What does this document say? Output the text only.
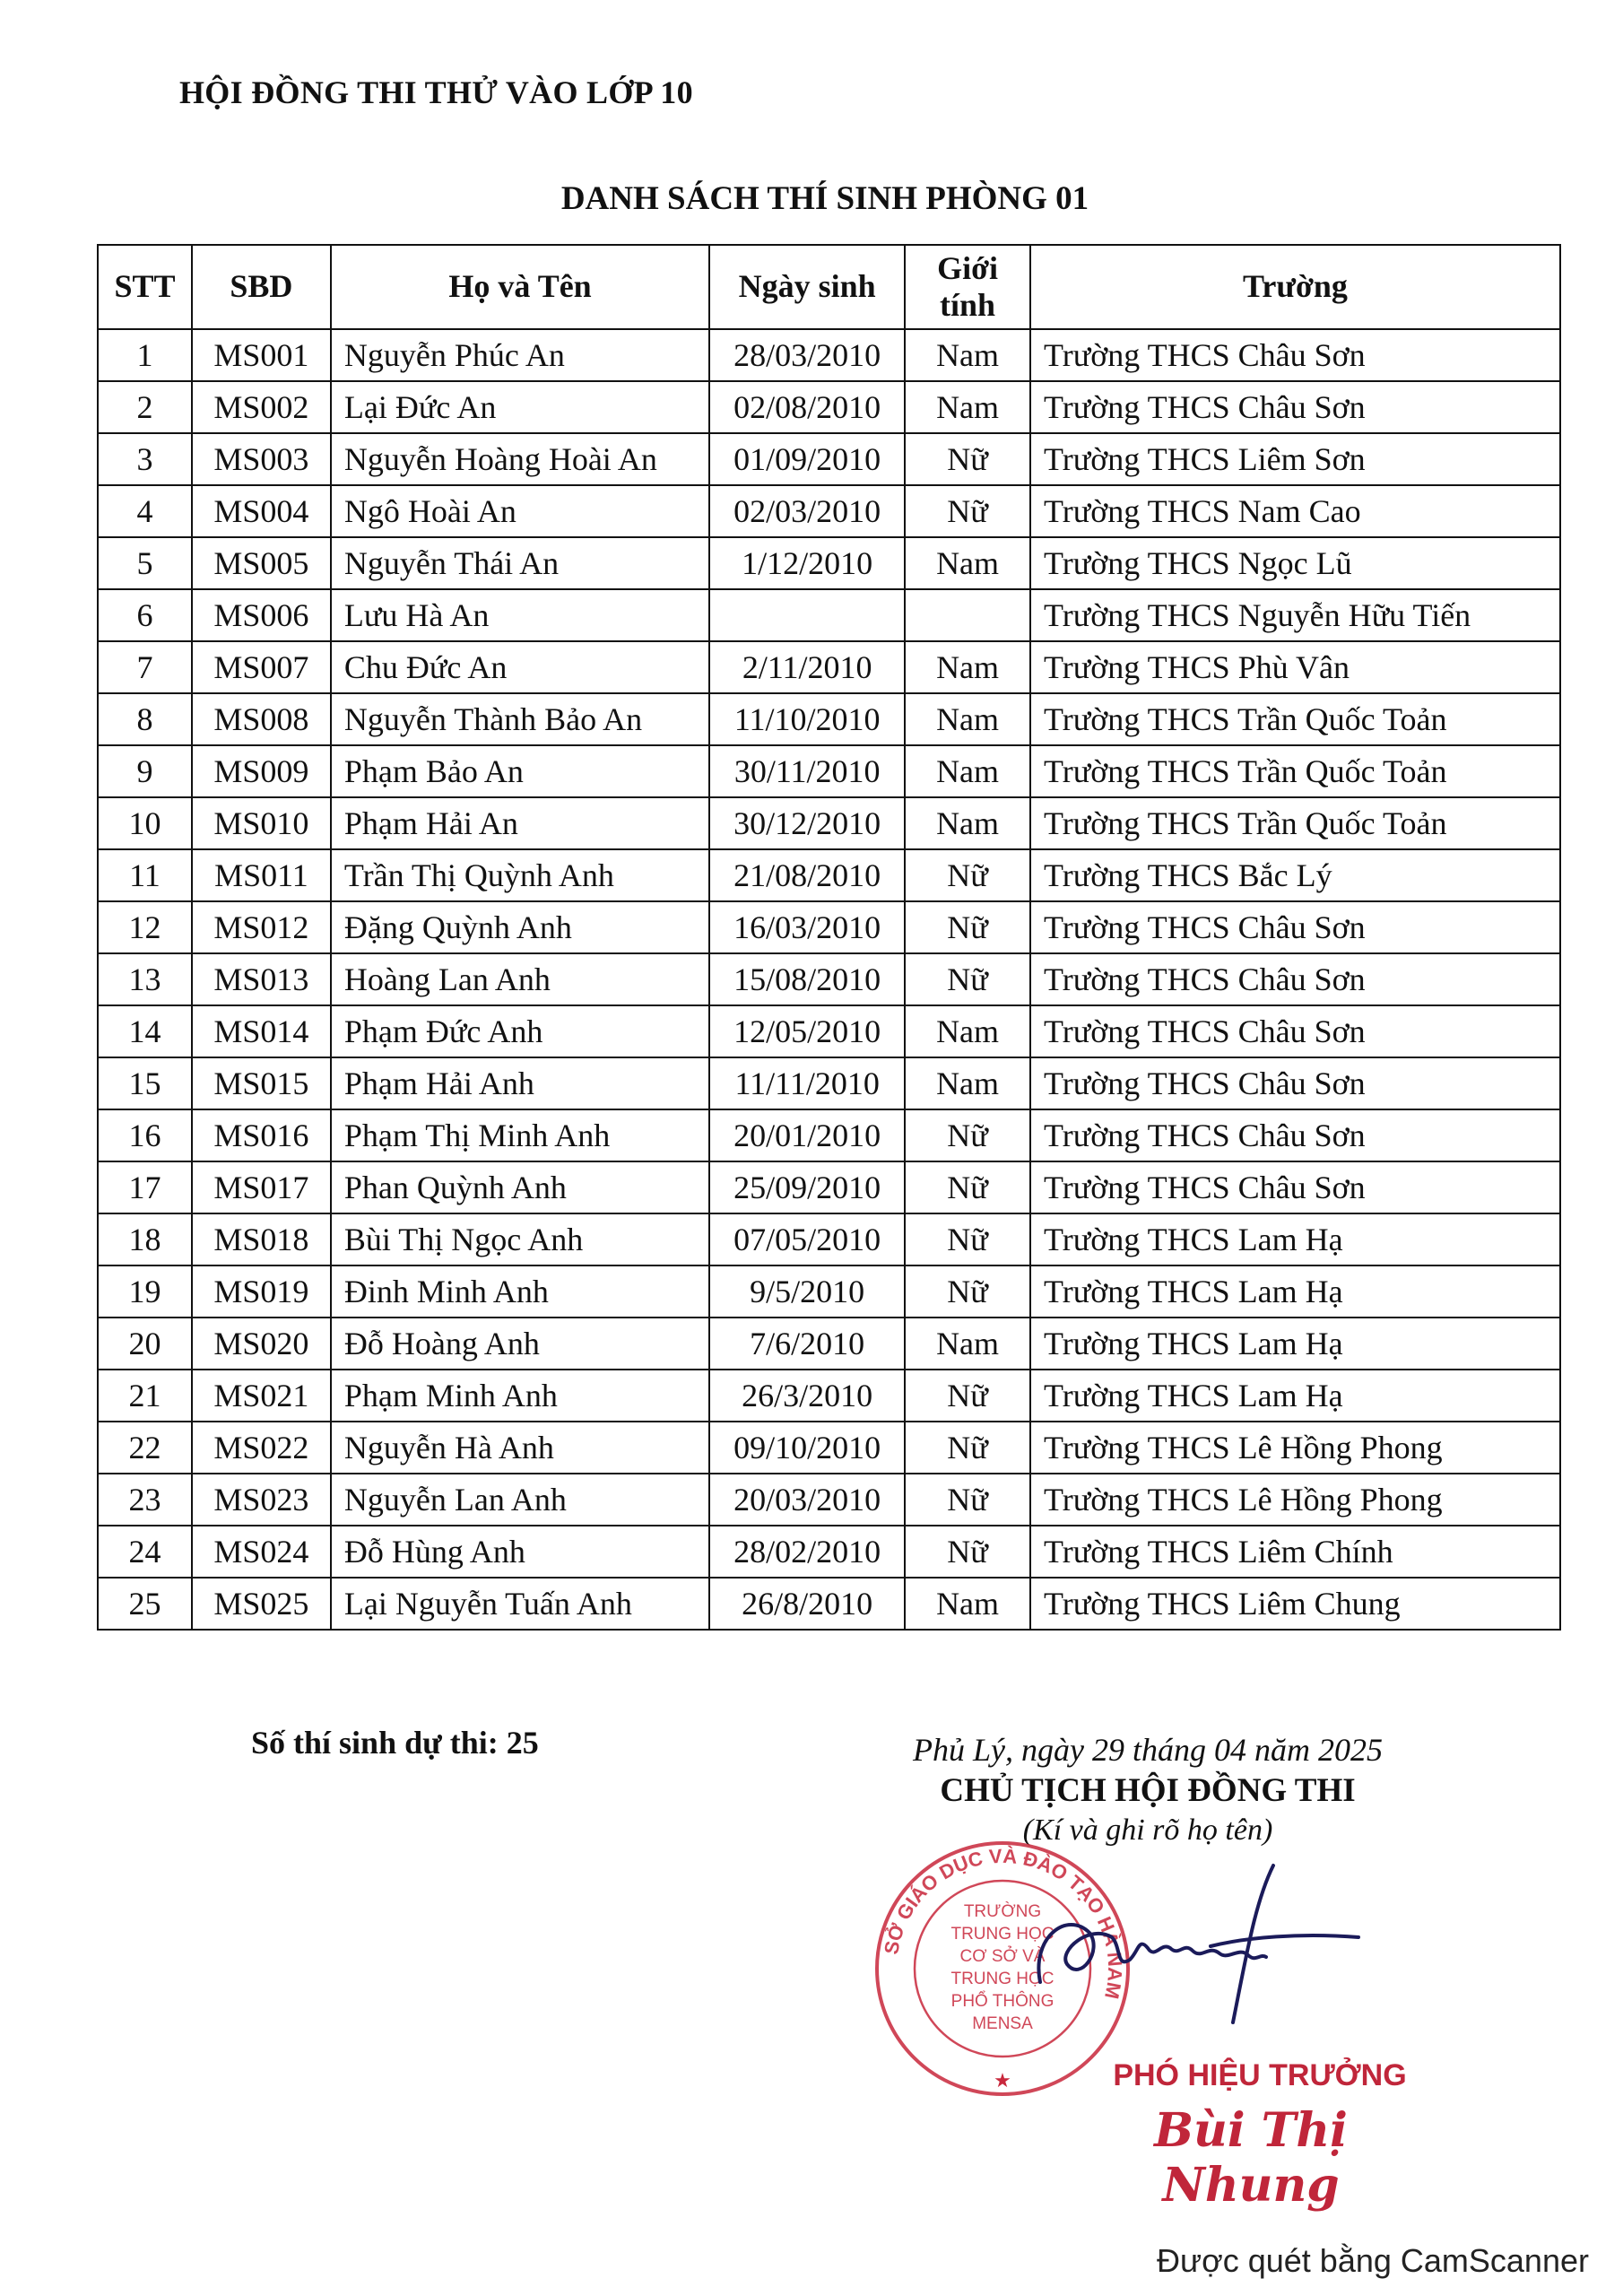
HỘI ĐỒNG THI THỬ VÀO LỚP 10
DANH SÁCH THÍ SINH PHÒNG 01
STT	SBD	Họ và Tên	Ngày sinh	Giới tính	Trường
1	MS001	Nguyễn Phúc An	28/03/2010	Nam	Trường THCS Châu Sơn
2	MS002	Lại Đức An	02/08/2010	Nam	Trường THCS Châu Sơn
3	MS003	Nguyễn Hoàng Hoài An	01/09/2010	Nữ	Trường THCS Liêm Sơn
4	MS004	Ngô Hoài An	02/03/2010	Nữ	Trường THCS Nam Cao
5	MS005	Nguyễn Thái An	1/12/2010	Nam	Trường THCS Ngọc Lũ
6	MS006	Lưu Hà An			Trường THCS Nguyễn Hữu Tiến
7	MS007	Chu Đức An	2/11/2010	Nam	Trường THCS Phù Vân
8	MS008	Nguyễn Thành Bảo An	11/10/2010	Nam	Trường THCS Trần Quốc Toản
9	MS009	Phạm Bảo An	30/11/2010	Nam	Trường THCS Trần Quốc Toản
10	MS010	Phạm Hải An	30/12/2010	Nam	Trường THCS Trần Quốc Toản
11	MS011	Trần Thị Quỳnh Anh	21/08/2010	Nữ	Trường THCS Bắc Lý
12	MS012	Đặng Quỳnh Anh	16/03/2010	Nữ	Trường THCS Châu Sơn
13	MS013	Hoàng Lan Anh	15/08/2010	Nữ	Trường THCS Châu Sơn
14	MS014	Phạm Đức Anh	12/05/2010	Nam	Trường THCS Châu Sơn
15	MS015	Phạm Hải Anh	11/11/2010	Nam	Trường THCS Châu Sơn
16	MS016	Phạm Thị Minh Anh	20/01/2010	Nữ	Trường THCS Châu Sơn
17	MS017	Phan Quỳnh Anh	25/09/2010	Nữ	Trường THCS Châu Sơn
18	MS018	Bùi Thị Ngọc Anh	07/05/2010	Nữ	Trường THCS Lam Hạ
19	MS019	Đinh Minh Anh	9/5/2010	Nữ	Trường THCS Lam Hạ
20	MS020	Đỗ Hoàng Anh	7/6/2010	Nam	Trường THCS Lam Hạ
21	MS021	Phạm Minh Anh	26/3/2010	Nữ	Trường THCS Lam Hạ
22	MS022	Nguyễn Hà Anh	09/10/2010	Nữ	Trường THCS Lê Hồng Phong
23	MS023	Nguyễn Lan Anh	20/03/2010	Nữ	Trường THCS Lê Hồng Phong
24	MS024	Đỗ Hùng Anh	28/02/2010	Nữ	Trường THCS Liêm Chính
25	MS025	Lại Nguyễn Tuấn Anh	26/8/2010	Nam	Trường THCS Liêm Chung
Số thí sinh dự thi: 25	Phủ Lý, ngày 29 tháng 04 năm 2025
CHỦ TỊCH HỘI ĐỒNG THI
(Kí và ghi rõ họ tên)
SỞ GIÁO DỤC VÀ ĐÀO TẠO HÀ NAM
TRƯỜNG
TRUNG HỌC
CƠ SỞ VÀ
TRUNG HỌC
PHỔ THÔNG
MENSA
★	PHÓ HIỆU TRƯỞNG
Bùi Thị Nhung
Được quét bằng CamScanner
